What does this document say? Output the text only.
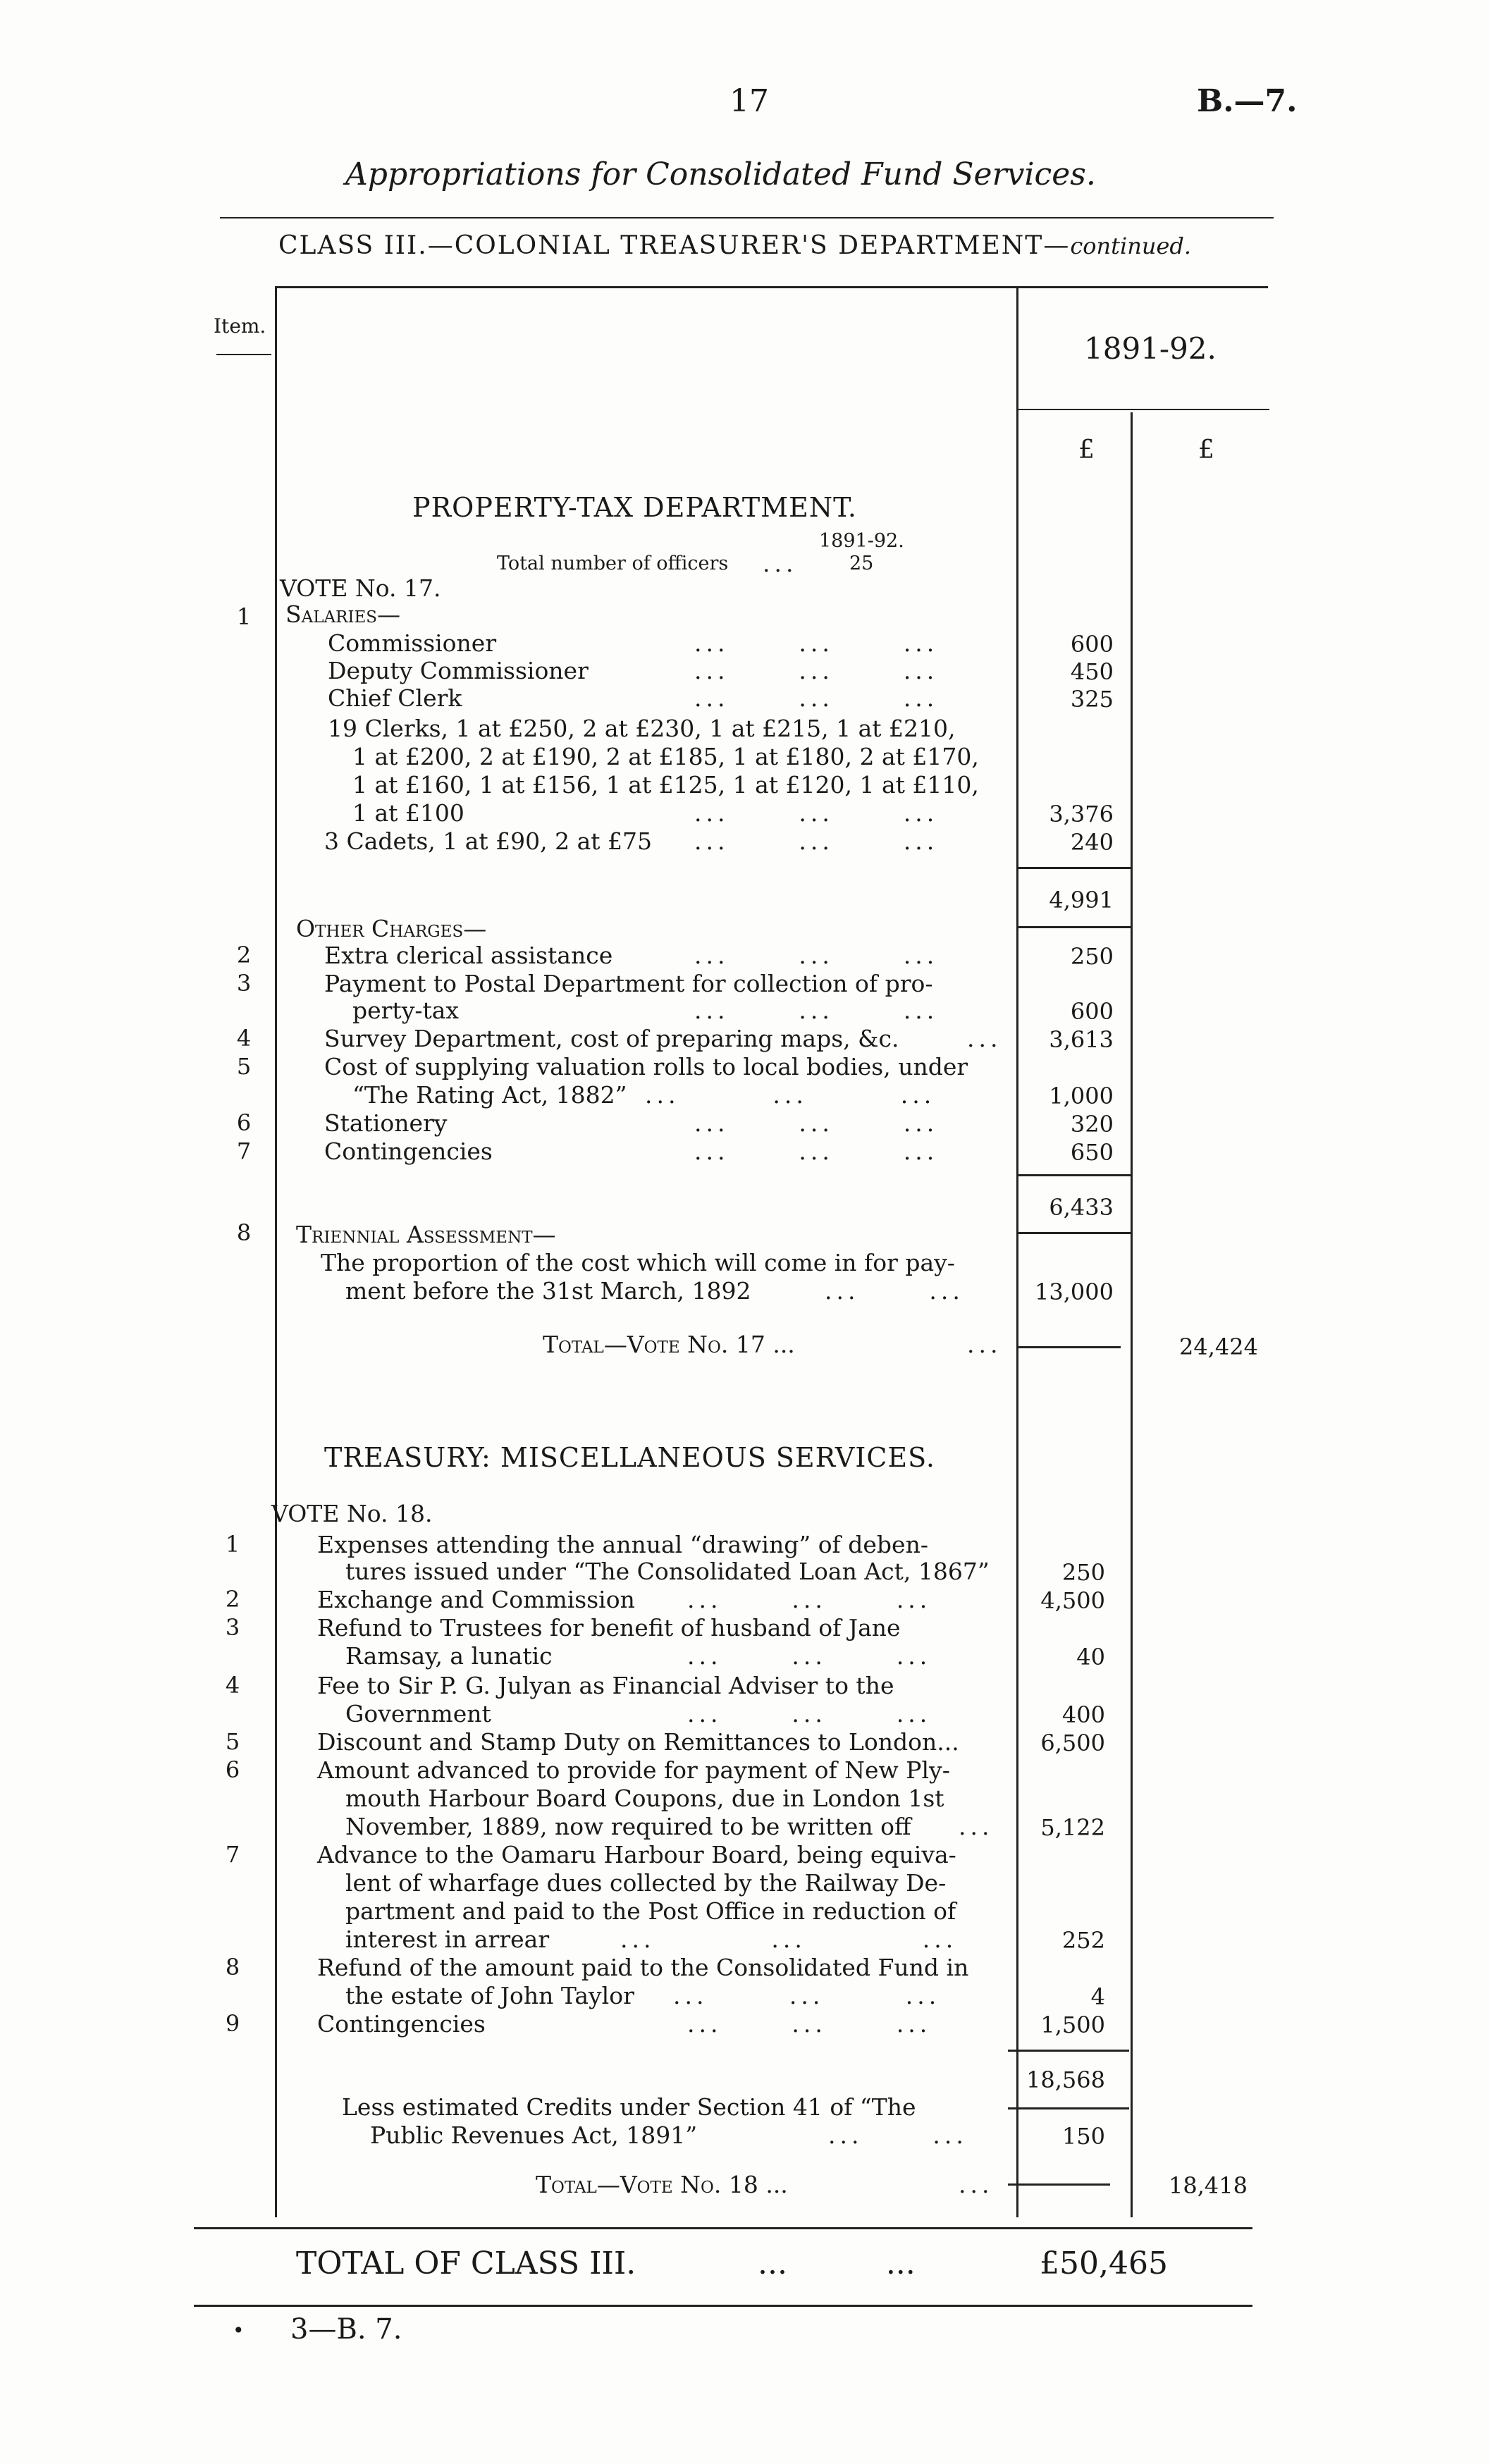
17	B.—7.
Appropriations for Consolidated Fund Services.
CLASS III.—COLONIAL TREASURER'S DEPARTMENT—continued.
Item.
1891-92.
£	£
PROPERTY-TAX DEPARTMENT.
1891-92.
Total number of officers ...	25
VOTE No. 17.
Salaries—
1
Commissioner	...      ...      ...	600
Deputy Commissioner	...      ...      ...	450
Chief Clerk	...      ...      ...	325
19 Clerks, 1 at £250, 2 at £230, 1 at £215, 1 at £210,
1 at £200, 2 at £190, 2 at £185, 1 at £180, 2 at £170,
1 at £160, 1 at £156, 1 at £125, 1 at £120, 1 at £110,
1 at £100	...      ...      ...	3,376
3 Cadets, 1 at £90, 2 at £75 ...      ...      ...	240
4,991
Other Charges—
2	Extra clerical assistance	...      ...      ...	250
3	Payment to Postal Department for collection of pro-
perty-tax	...      ...      ...	600
4	Survey Department, cost of preparing maps, &c.	...	3,613
5	Cost of supplying valuation rolls to local bodies, under
“The Rating Act, 1882” ...        ...        ...	1,000
6	Stationery	...      ...      ...	320
7	Contingencies	...      ...      ...	650
6,433
8	Triennial Assessment—
The proportion of the cost which will come in for pay-
ment before the 31st March, 1892	...      ...	13,000
Total—Vote No. 17 ...	...	24,424
TREASURY: MISCELLANEOUS SERVICES.
VOTE No. 18.
1	Expenses attending the annual “drawing” of deben-
tures issued under “The Consolidated Loan Act, 1867”	250
2	Exchange and Commission ...      ...      ...	4,500
3	Refund to Trustees for benefit of husband of Jane
Ramsay, a lunatic	...      ...      ...	40
4	Fee to Sir P. G. Julyan as Financial Adviser to the
Government	...      ...      ...	400
5	Discount and Stamp Duty on Remittances to London...	6,500
6	Amount advanced to provide for payment of New Ply-
mouth Harbour Board Coupons, due in London 1st
November, 1889, now required to be written off ...	5,122
7	Advance to the Oamaru Harbour Board, being equiva-
lent of wharfage dues collected by the Railway De-
partment and paid to the Post Office in reduction of
interest in arrear	...          ...          ...	252
8	Refund of the amount paid to the Consolidated Fund in
the estate of John Taylor ...       ...       ...	4
9	Contingencies	...      ...      ...	1,500
18,568
Less estimated Credits under Section 41 of “The
Public Revenues Act, 1891”	...      ...	150
Total—Vote No. 18 ...	...	18,418
TOTAL OF CLASS III.	...          ...	£50,465
• 3—B. 7.
